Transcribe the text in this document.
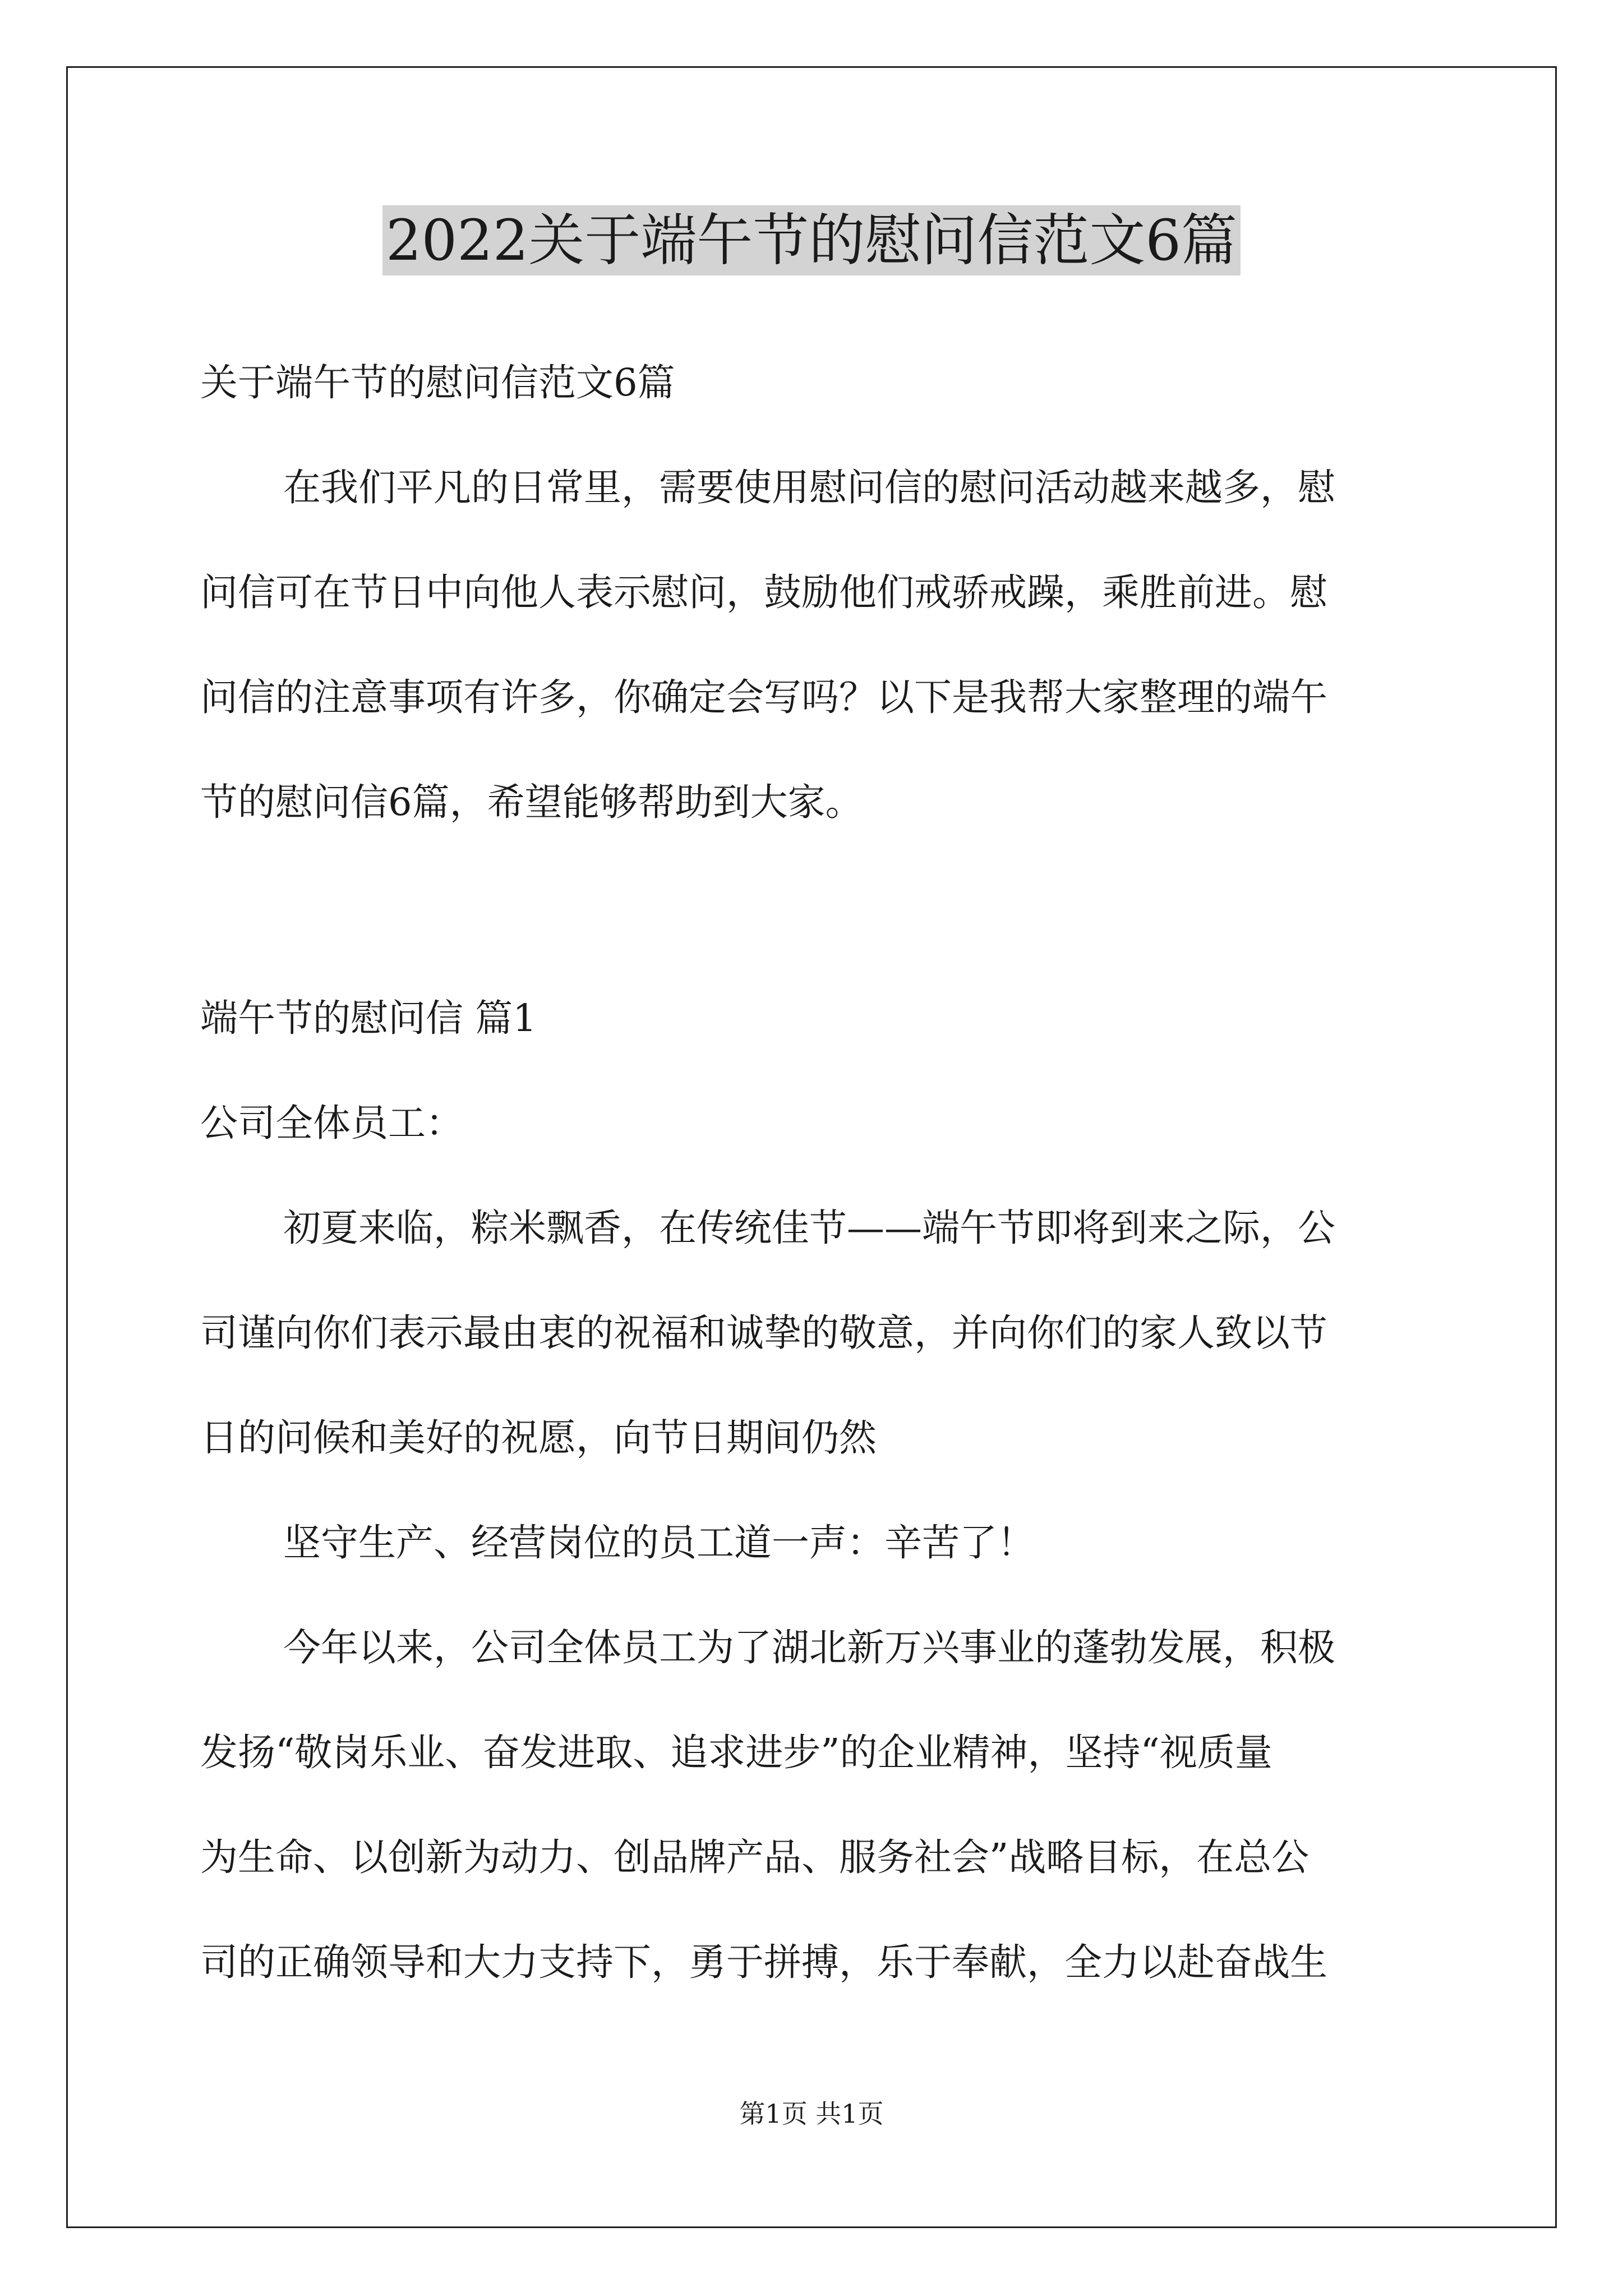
2022关于端午节的慰问信范文6篇

关于端午节的慰问信范文6篇

在我们平凡的日常里，需要使用慰问信的慰问活动越来越多，慰

问信可在节日中向他人表示慰问，鼓励他们戒骄戒躁，乘胜前进。慰

问信的注意事项有许多，你确定会写吗？以下是我帮大家整理的端午

节的慰问信6篇，希望能够帮助到大家。

端午节的慰问信 篇1

公司全体员工：

初夏来临，粽米飘香，在传统佳节——端午节即将到来之际，公

司谨向你们表示最由衷的祝福和诚挚的敬意，并向你们的家人致以节

日的问候和美好的祝愿，向节日期间仍然

坚守生产、经营岗位的员工道一声：辛苦了！

今年以来，公司全体员工为了湖北新万兴事业的蓬勃发展，积极

发扬“敬岗乐业、奋发进取、追求进步”的企业精神，坚持“视质量

为生命、以创新为动力、创品牌产品、服务社会”战略目标，在总公

司的正确领导和大力支持下，勇于拼搏，乐于奉献，全力以赴奋战生

第1页 共1页
